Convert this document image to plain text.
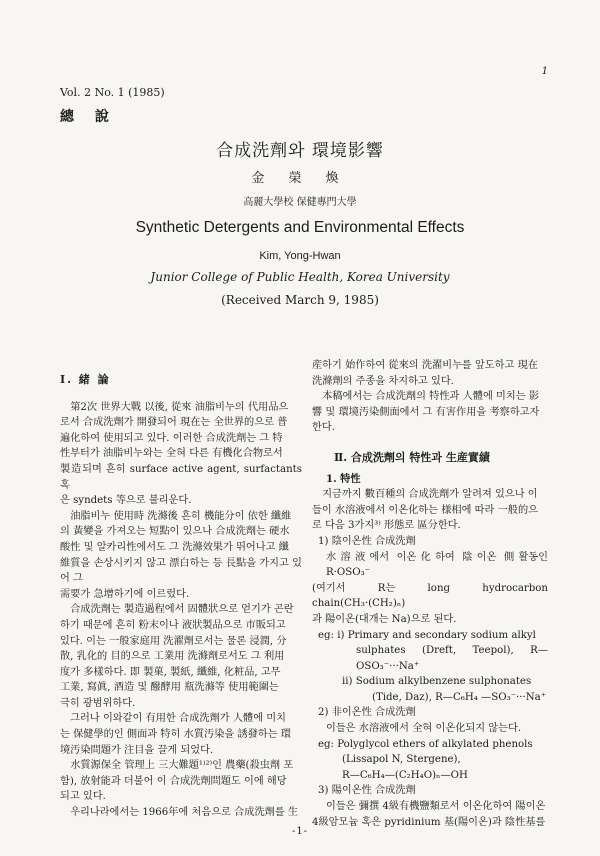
1
Vol. 2 No. 1 (1985)
總 說
合成洗劑와 環境影響
金 榮 煥
高麗大學校 保健專門大學
Synthetic Detergents and Environmental Effects
Kim, Yong-Hwan
Junior College of Public Health, Korea University
(Received March 9, 1985)

I. 緒 論

第2次 世界大戰 以後, 從來 油脂비누의 代用品으

로서 合成洗劑가 開發되어 現在는 全世界的으로 普

遍化하여 使用되고 있다. 이러한 合成洗劑는 그 特

性부터가 油脂비누와는 全혀 다른 有機化合物로서

製造되며 흔히 surface active agent, surfactants 혹

은 syndets 等으로 불리운다.

油脂비누 使用時 洗滌後 흔히 機能分이 依한 纖維

의 黃變을 가져오는 短點이 있으나 合成洗劑는 硬水

酸性 및 알카리性에서도 그 洗滌效果가 뛰어나고 纖

維質을 손상시키지 않고 漂白하는 등 長點을 가지고 있어 그

需要가 急增하기에 이르렀다.

合成洗劑는 製造過程에서 固體狀으로 얻기가 곤란

하기 때문에 흔히 粉末이나 液狀製品으로 市販되고

있다. 이는 一般家庭用 洗濯劑로서는 물론 浸潤, 分

散, 乳化的 目的으로 工業用 洗滌劑로서도 그 利用

度가 多樣하다. 即 製菓, 製紙, 纖維, 化粧品, 고무

工業, 寫眞, 酒造 및 醱酵用 瓶洗滌等 使用範圍는

극히 광범위하다.

그러나 이와같이 有用한 合成洗劑가 人體에 미치

는 保健學的인 側面과 特히 水質汚染을 誘發하는 環

境汚染問題가 注目을 끌게 되었다.

水質源保全 管理上 三大難題¹⁾²⁾인 農藥(殺虫劑 포

함), 放射能과 더불어 이 合成洗劑問題도 이에 해당

되고 있다.

우리나라에서는 1966年에 처음으로 合成洗劑를 生

産하기 始作하여 從來의 洗濯비누를 앞도하고 現在

洗滌劑의 주종을 차지하고 있다.

本稿에서는 合成洗劑의 特性과 人體에 미치는 影

響 및 環境汚染側面에서 그 有害作用을 考察하고자

한다.

Ⅱ. 合成洗劑의 特性과 生産實績

1. 特性

지금까지 數百種의 合成洗劑가 알려져 있으나 이

들이 水溶液에서 이온化하는 様相에 따라 一般的으

로 다음 3가지³⁾ 形態로 區分한다.

1) 陰이온性 合成洗劑

水溶液에서 이온化하여 陰이온 側활동인 R·OSO₃⁻

(여기서 R는 long hydrocarbon chain(CH₃·(CH₂)ₙ)

과 陽이온(대개는 Na)으로 된다.

eg: i) Primary and secondary sodium alkyl

sulphates (Dreft, Teepol), R—OSO₃⁻···Na⁺

ii) Sodium alkylbenzene sulphonates

(Tide, Daz), R—C₆H₄ —SO₃⁻···Na⁺

2) 非이온性 合成洗劑

이들은 水溶液에서 全혀 이온化되지 않는다.

eg: Polyglycol ethers of alkylated phenols

(Lissapol N, Stergene),

R—C₆H₄—(C₂H₄O)ₙ—OH

3) 陽이온性 合成洗劑

이들은 彌撰 4級有機鹽類로서 이온化하여 陽이온

4級암모늄 혹은 pyridinium 基(陽이온)과 陰性基를

-1-
